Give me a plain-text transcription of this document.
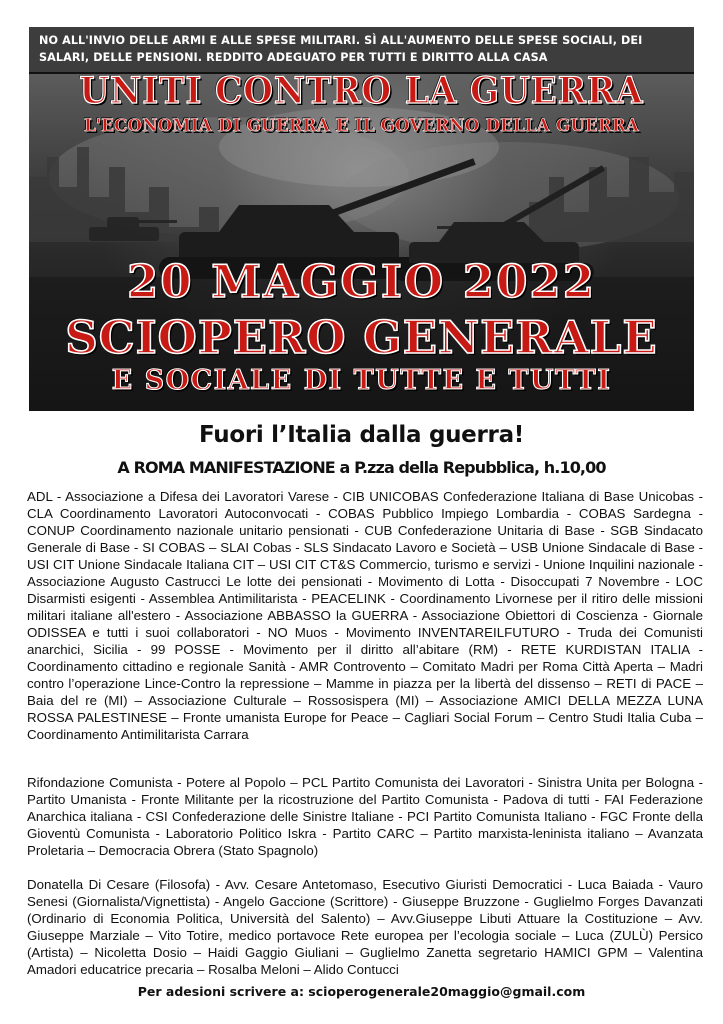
NO ALL'INVIO DELLE ARMI E ALLE SPESE MILITARI. SÌ ALL'AUMENTO DELLE SPESE SOCIALI, DEI SALARI, DELLE PENSIONI. REDDITO ADEGUATO PER TUTTI E DIRITTO ALLA CASA
UNITI CONTRO LA GUERRA
L'ECONOMIA DI GUERRA E IL GOVERNO DELLA GUERRA
20 MAGGIO 2022
SCIOPERO GENERALE
E SOCIALE DI TUTTE E TUTTI
Fuori l’Italia dalla guerra!
A ROMA MANIFESTAZIONE a P.zza della Repubblica, h.10,00

ADL - Associazione a Difesa dei Lavoratori Varese - CIB UNICOBAS Confederazione Italiana di Base Unicobas - CLA Coordinamento Lavoratori Autoconvocati - COBAS Pubblico Impiego Lombardia - COBAS Sardegna - CONUP Coordinamento nazionale unitario pensionati - CUB Confederazione Unitaria di Base - SGB Sindacato Generale di Base - SI COBAS – SLAI Cobas - SLS Sindacato Lavoro e Società – USB Unione Sindacale di Base - USI CIT Unione Sindacale Italiana CIT – USI CIT CT&S Commercio, turismo e servizi - Unione Inquilini nazionale - Associazione Augusto Castrucci Le lotte dei pensionati - Movimento di Lotta - Disoccupati 7 Novembre - LOC Disarmisti esigenti - Assemblea Antimilitarista - PEACELINK - Coordinamento Livornese per il ritiro delle missioni militari italiane all'estero - Associazione ABBASSO la GUERRA - Associazione Obiettori di Coscienza - Giornale ODISSEA e tutti i suoi collaboratori - NO Muos - Movimento INVENTAREILFUTURO - Truda dei Comunisti anarchici, Sicilia - 99 POSSE - Movimento per il diritto all’abitare (RM) - RETE KURDISTAN ITALIA - Coordinamento cittadino e regionale Sanità - AMR Controvento – Comitato Madri per Roma Città Aperta – Madri contro l’operazione Lince-Contro la repressione – Mamme in piazza per la libertà del dissenso – RETI di PACE – Baia del re (MI) – Associazione Culturale – Rossosispera (MI) – Associazione AMICI DELLA MEZZA LUNA ROSSA PALESTINESE – Fronte umanista Europe for Peace – Cagliari Social Forum – Centro Studi Italia Cuba – Coordinamento Antimilitarista Carrara

Rifondazione Comunista - Potere al Popolo – PCL Partito Comunista dei Lavoratori - Sinistra Unita per Bologna - Partito Umanista - Fronte Militante per la ricostruzione del Partito Comunista - Padova di tutti - FAI Federazione Anarchica italiana - CSI Confederazione delle Sinistre Italiane - PCI Partito Comunista Italiano - FGC Fronte della Gioventù Comunista - Laboratorio Politico Iskra - Partito CARC – Partito marxista-leninista italiano – Avanzata Proletaria – Democracia Obrera (Stato Spagnolo)

Donatella Di Cesare (Filosofa) - Avv. Cesare Antetomaso, Esecutivo Giuristi Democratici - Luca Baiada - Vauro Senesi (Giornalista/Vignettista) - Angelo Gaccione (Scrittore) - Giuseppe Bruzzone - Guglielmo Forges Davanzati (Ordinario di Economia Politica, Università del Salento) – Avv.Giuseppe Libuti Attuare la Costituzione – Avv. Giuseppe Marziale – Vito Totire, medico portavoce Rete europea per l’ecologia sociale – Luca (ZULÙ) Persico (Artista) – Nicoletta Dosio – Haidi Gaggio Giuliani – Guglielmo Zanetta segretario HAMICI GPM – Valentina Amadori educatrice precaria – Rosalba Meloni – Alido Contucci

Per adesioni scrivere a: scioperogenerale20maggio@gmail.com
